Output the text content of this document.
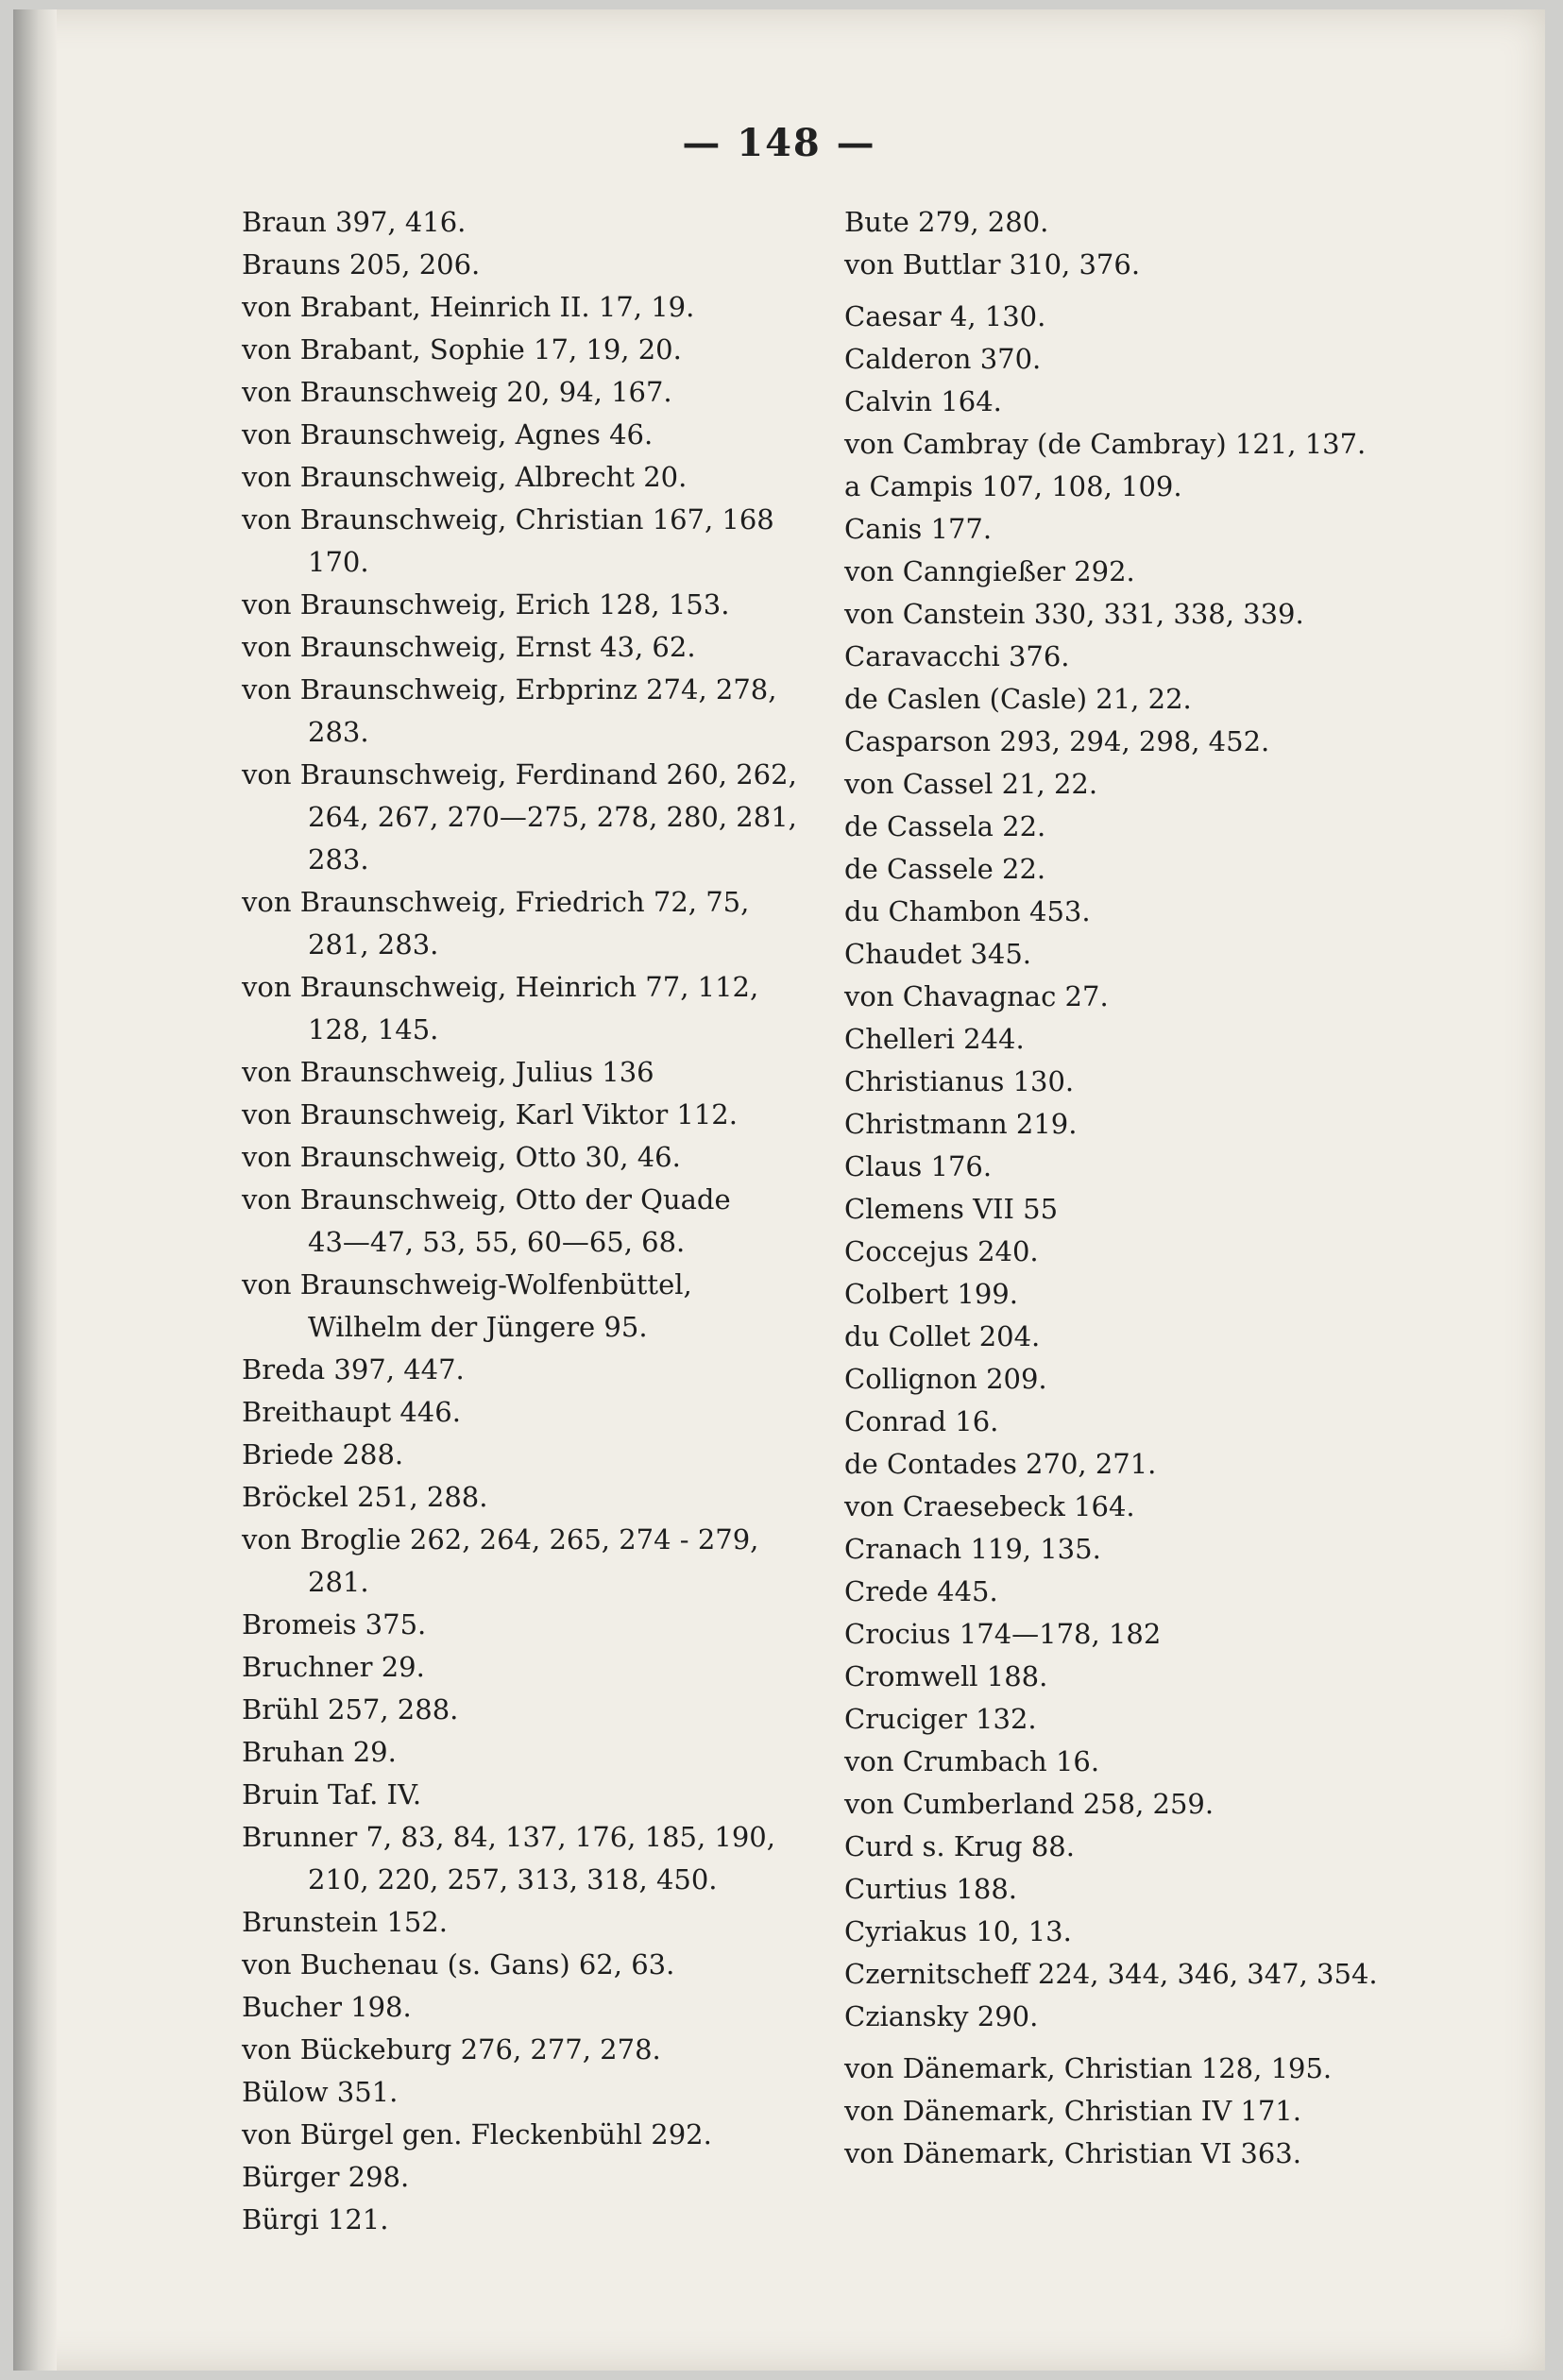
— 148 —
Braun 397, 416.
Brauns 205, 206.
von Brabant, Heinrich II. 17, 19.
von Brabant, Sophie 17, 19, 20.
von Braunschweig 20, 94, 167.
von Braunschweig, Agnes 46.
von Braunschweig, Albrecht 20.
von Braunschweig, Christian 167, 168
170.
von Braunschweig, Erich 128, 153.
von Braunschweig, Ernst 43, 62.
von Braunschweig, Erbprinz 274, 278,
283.
von Braunschweig, Ferdinand 260, 262,
264, 267, 270—275, 278, 280, 281,
283.
von Braunschweig, Friedrich 72, 75,
281, 283.
von Braunschweig, Heinrich 77, 112,
128, 145.
von Braunschweig, Julius 136
von Braunschweig, Karl Viktor 112.
von Braunschweig, Otto 30, 46.
von Braunschweig, Otto der Quade
43—47, 53, 55, 60—65, 68.
von Braunschweig-Wolfenbüttel,
Wilhelm der Jüngere 95.
Breda 397, 447.
Breithaupt 446.
Briede 288.
Bröckel 251, 288.
von Broglie 262, 264, 265, 274 - 279,
281.
Bromeis 375.
Bruchner 29.
Brühl 257, 288.
Bruhan 29.
Bruin Taf. IV.
Brunner 7, 83, 84, 137, 176, 185, 190,
210, 220, 257, 313, 318, 450.
Brunstein 152.
von Buchenau (s. Gans) 62, 63.
Bucher 198.
von Bückeburg 276, 277, 278.
Bülow 351.
von Bürgel gen. Fleckenbühl 292.
Bürger 298.
Bürgi 121.
Bute 279, 280.
von Buttlar 310, 376.
Caesar 4, 130.
Calderon 370.
Calvin 164.
von Cambray (de Cambray) 121, 137.
a Campis 107, 108, 109.
Canis 177.
von Canngießer 292.
von Canstein 330, 331, 338, 339.
Caravacchi 376.
de Caslen (Casle) 21, 22.
Casparson 293, 294, 298, 452.
von Cassel 21, 22.
de Cassela 22.
de Cassele 22.
du Chambon 453.
Chaudet 345.
von Chavagnac 27.
Chelleri 244.
Christianus 130.
Christmann 219.
Claus 176.
Clemens VII 55
Coccejus 240.
Colbert 199.
du Collet 204.
Collignon 209.
Conrad 16.
de Contades 270, 271.
von Craesebeck 164.
Cranach 119, 135.
Crede 445.
Crocius 174—178, 182
Cromwell 188.
Cruciger 132.
von Crumbach 16.
von Cumberland 258, 259.
Curd s. Krug 88.
Curtius 188.
Cyriakus 10, 13.
Czernitscheff 224, 344, 346, 347, 354.
Cziansky 290.
von Dänemark, Christian 128, 195.
von Dänemark, Christian IV 171.
von Dänemark, Christian VI 363.
